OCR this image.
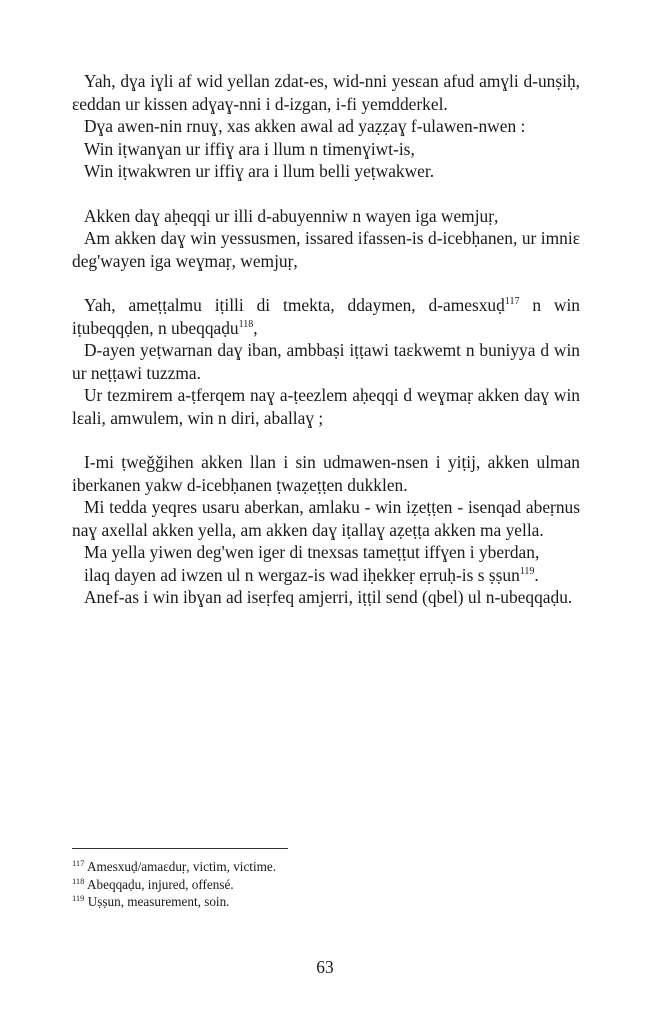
Yah, dɣa iɣli af wid yellan zdat-es, wid-nni yesɛan afud amɣli d-unṣiḥ, ɛeddan ur kissen adɣaɣ-nni i d-izgan, i-fi yemdderkel.

Dɣa awen-nin rnuɣ, xas akken awal ad yaẓẓaɣ f-ulawen-nwen :

Win iṭwanɣan ur iffiɣ ara i llum n timenɣiwt-is,

Win iṭwakwren ur iffiɣ ara i llum belli yeṭwakwer.

Akken daɣ aḥeqqi ur illi d-abuyenniw n wayen iga wemjuṛ,

Am akken daɣ win yessusmen, issared ifassen-is d-icebḥanen, ur imniɛ deg'wayen iga weɣmaṛ, wemjuṛ,

Yah, ameṭṭalmu iṭilli di tmekta, ddaymen, d-amesxuḍ$^{117}$ n win iṭubeqqḍen, n ubeqqaḍu$^{118}$,

D-ayen yeṭwarnan daɣ iban, ambbaṣi iṭṭawi taɛkwemt n buniyya d win ur neṭṭawi tuzzma.

Ur tezmirem a-ṭferqem naɣ a-ṭeezlem aḥeqqi d weɣmaṛ akken daɣ win lɛali, amwulem, win n diri, aballaɣ ;

I-mi ṭweǧǧihen akken llan i sin udmawen-nsen i yiṭij, akken ulman iberkanen yakw d-icebḥanen ṭwaẓeṭṭen dukklen.

Mi tedda yeqres usaru aberkan, amlaku - win iẓeṭṭen - isenqad abeṛnus naɣ axellal akken yella, am akken daɣ iṭallaɣ aẓeṭṭa akken ma yella.

Ma yella yiwen deg'wen iger di tnexsas tameṭṭut iffɣen i yberdan,

ilaq dayen ad iwzen ul n wergaz-is wad iḥekkeṛ eṛruḥ-is s ṣṣun$^{119}$.

Anef-as i win ibɣan ad iseṛfeq amjerri, iṭṭil send (qbel) ul n-ubeqqaḍu.

$^{117}$ Amesxuḍ/amaɛduṛ, victim, victime.

$^{118}$ Abeqqaḍu, injured, offensé.

$^{119}$ Uṣṣun, measurement, soin.

63
